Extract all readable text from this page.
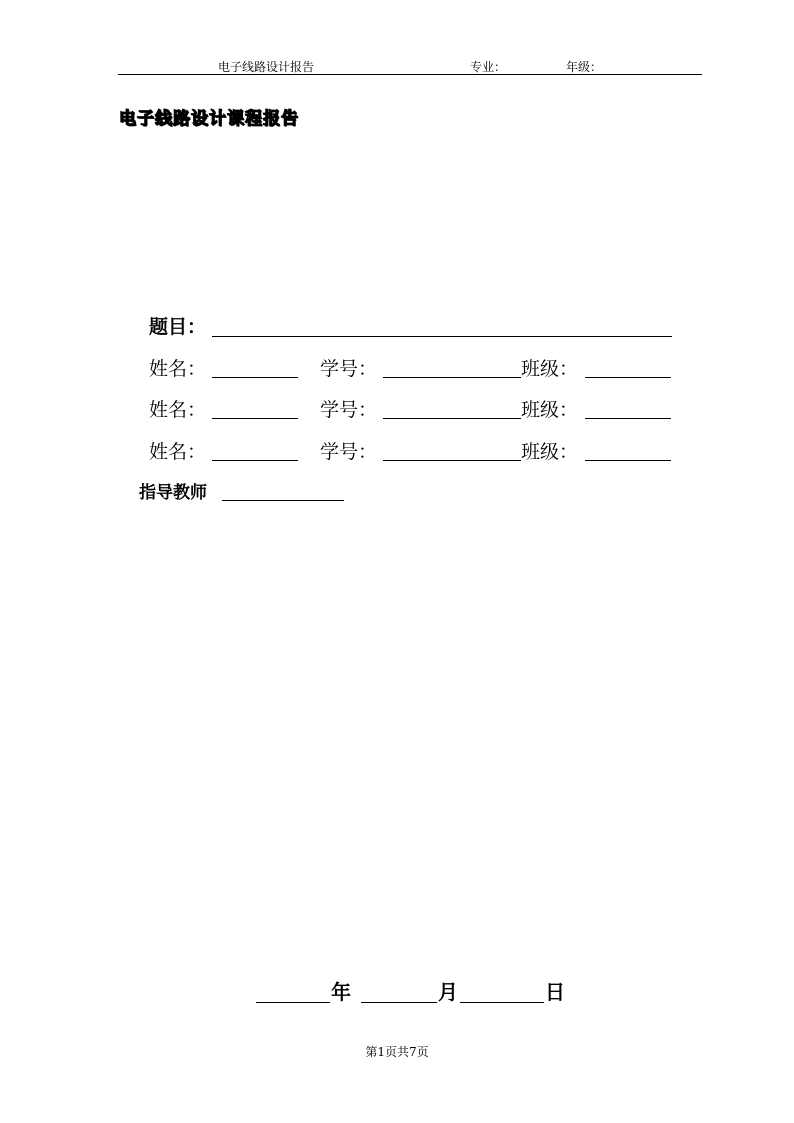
电子线路设计报告	专业：	年级：
电子线路设计课程报告
题目：
姓名：	学号：	班级：
姓名：	学号：	班级：
姓名：	学号：	班级：
指导教师
年	月	日
第1页共7页
